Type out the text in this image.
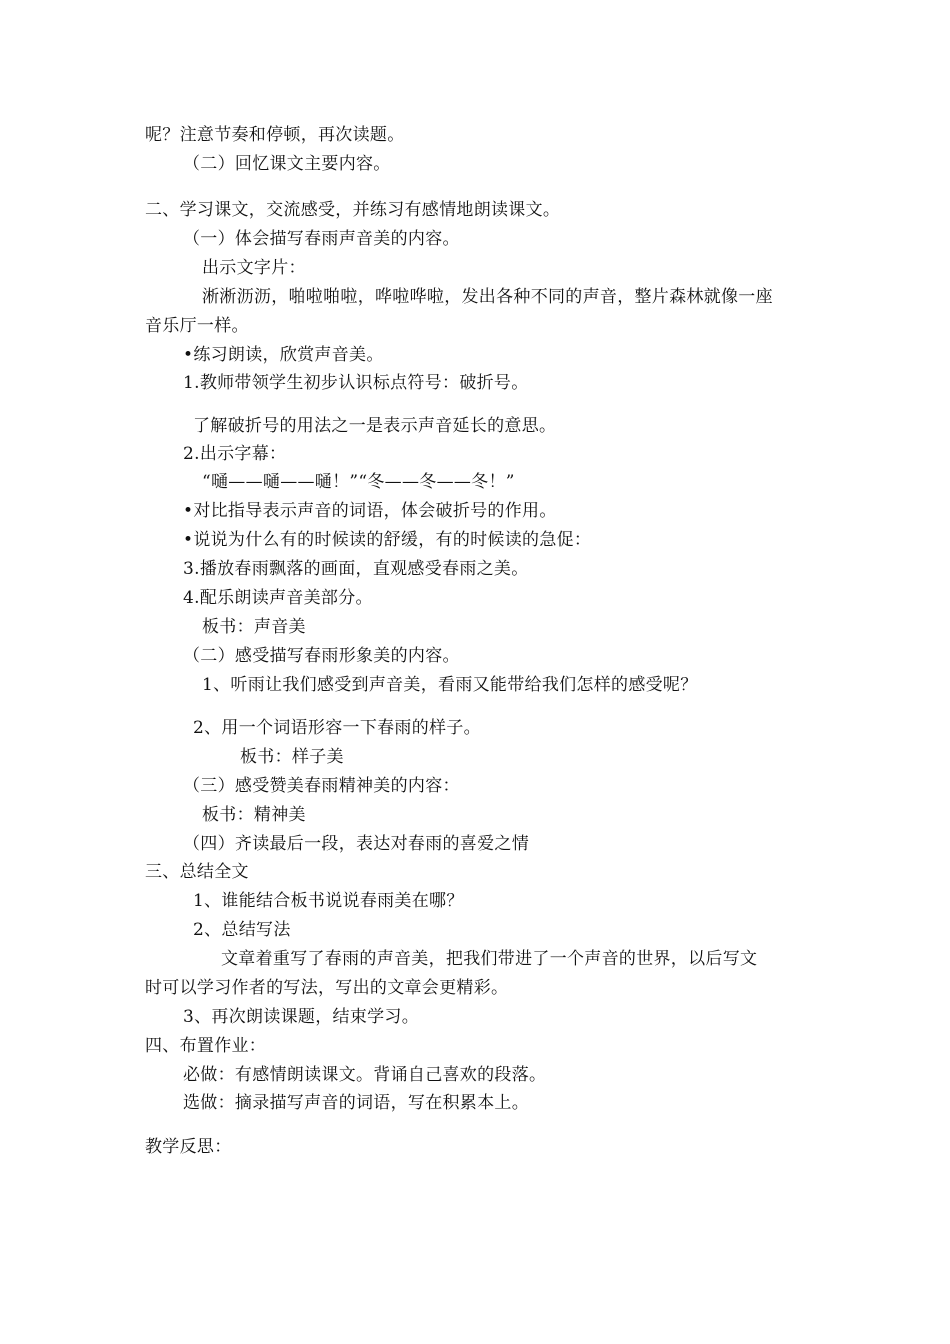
呢？注意节奏和停顿，再次读题。
（二）回忆课文主要内容。
二、学习课文，交流感受，并练习有感情地朗读课文。
（一）体会描写春雨声音美的内容。
出示文字片：
淅淅沥沥，啪啦啪啦，哗啦哗啦，发出各种不同的声音，整片森林就像一座
音乐厅一样。
•练习朗读，欣赏声音美。
1.教师带领学生初步认识标点符号：破折号。
了解破折号的用法之一是表示声音延长的意思。
2.出示字幕：
“嗵——嗵——嗵！”“冬——冬——冬！”
•对比指导表示声音的词语，体会破折号的作用。
•说说为什么有的时候读的舒缓，有的时候读的急促：
3.播放春雨飘落的画面，直观感受春雨之美。
4.配乐朗读声音美部分。
板书：声音美
（二）感受描写春雨形象美的内容。
1、听雨让我们感受到声音美，看雨又能带给我们怎样的感受呢？
2、用一个词语形容一下春雨的样子。
板书：样子美
（三）感受赞美春雨精神美的内容：
板书：精神美
（四）齐读最后一段，表达对春雨的喜爱之情
三、总结全文
1、谁能结合板书说说春雨美在哪？
2、总结写法
文章着重写了春雨的声音美，把我们带进了一个声音的世界，以后写文
时可以学习作者的写法，写出的文章会更精彩。
3、再次朗读课题，结束学习。
四、布置作业：
必做：有感情朗读课文。背诵自己喜欢的段落。
选做：摘录描写声音的词语，写在积累本上。
教学反思：
